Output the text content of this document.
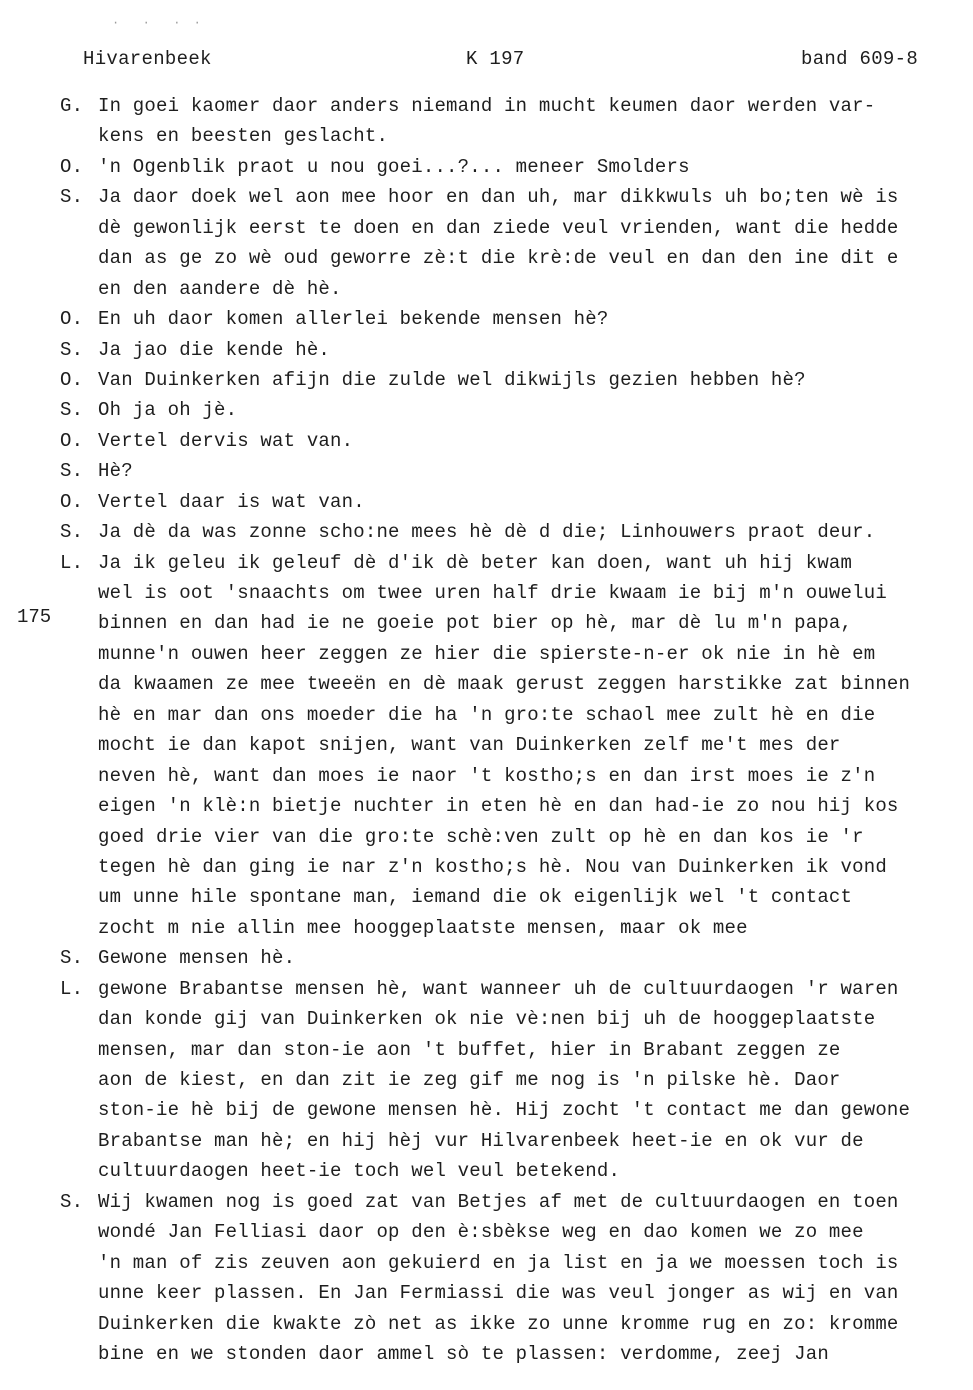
·  ·  · ·
Hivarenbeek	K 197	band 609-8
175
G. In goei kaomer daor anders niemand in mucht keumen daor werden var-
kens en beesten geslacht.
O. 'n Ogenblik praot u nou goei...?... meneer Smolders
S. Ja daor doek wel aon mee hoor en dan uh, mar dikkwuls uh bo;ten wè is
dè gewonlijk eerst te doen en dan ziede veul vrienden, want die hedde
dan as ge zo wè oud geworre zè:t die krè:de veul en dan den ine dit e
en den aandere dè hè.
O. En uh daor komen allerlei bekende mensen hè?
S. Ja jao die kende hè.
O. Van Duinkerken afijn die zulde wel dikwijls gezien hebben hè?
S. Oh ja oh jè.
O. Vertel dervis wat van.
S. Hè?
O. Vertel daar is wat van.
S. Ja dè da was zonne scho:ne mees hè dè d die; Linhouwers praot deur.
L. Ja ik geleu ik geleuf dè d'ik dè beter kan doen, want uh hij kwam
wel is oot 'snaachts om twee uren half drie kwaam ie bij m'n ouwelui
binnen en dan had ie ne goeie pot bier op hè, mar dè lu m'n papa,
munne'n ouwen heer zeggen ze hier die spierste-n-er ok nie in hè em
da kwaamen ze mee tweeën en dè maak gerust zeggen harstikke zat binnen
hè en mar dan ons moeder die ha 'n gro:te schaol mee zult hè en die
mocht ie dan kapot snijen, want van Duinkerken zelf me't mes der
neven hè, want dan moes ie naor 't kostho;s en dan irst moes ie z'n
eigen 'n klè:n bietje nuchter in eten hè en dan had-ie zo nou hij kos
goed drie vier van die gro:te schè:ven zult op hè en dan kos ie 'r
tegen hè dan ging ie nar z'n kostho;s hè. Nou van Duinkerken ik vond
um unne hile spontane man, iemand die ok eigenlijk wel 't contact
zocht m nie allin mee hooggeplaatste mensen, maar ok mee
S. Gewone mensen hè.
L. gewone Brabantse mensen hè, want wanneer uh de cultuurdaogen 'r waren
dan konde gij van Duinkerken ok nie vè:nen bij uh de hooggeplaatste
mensen, mar dan ston-ie aon 't buffet, hier in Brabant zeggen ze
aon de kiest, en dan zit ie zeg gif me nog is 'n pilske hè. Daor
ston-ie hè bij de gewone mensen hè. Hij zocht 't contact me dan gewone
Brabantse man hè; en hij hèj vur Hilvarenbeek heet-ie en ok vur de
cultuurdaogen heet-ie toch wel veul betekend.
S. Wij kwamen nog is goed zat van Betjes af met de cultuurdaogen en toen
wondé Jan Felliasi daor op den è:sbèkse weg en dao komen we zo mee
'n man of zis zeuven aon gekuierd en ja list en ja we moessen toch is
unne keer plassen. En Jan Fermiassi die was veul jonger as wij en van
Duinkerken die kwakte zò net as ikke zo unne kromme rug en zo: kromme
bine en we stonden daor ammel sò te plassen: verdomme, zeej Jan
